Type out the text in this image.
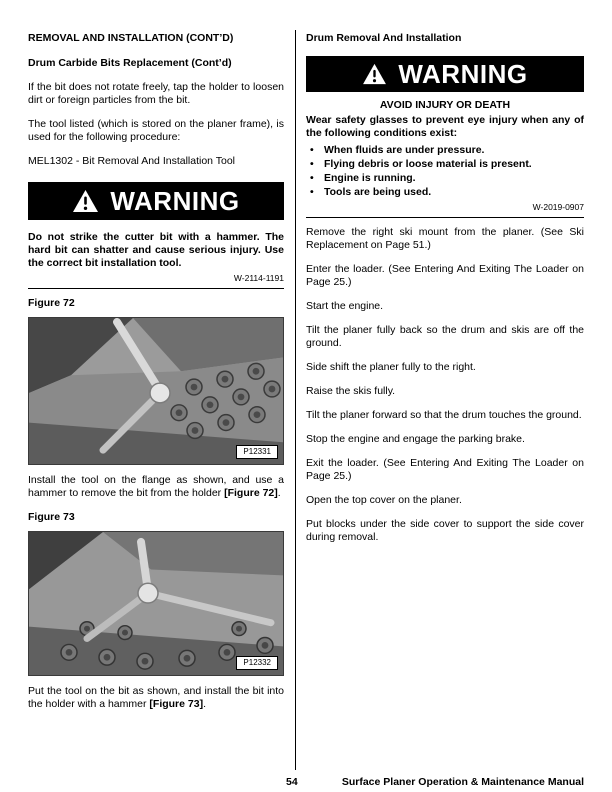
REMOVAL AND INSTALLATION (CONT’D)
Drum Carbide Bits Replacement (Cont’d)

If the bit does not rotate freely, tap the holder to loosen dirt or foreign particles from the bit.

The tool listed (which is stored on the planer frame), is used for the following procedure:

MEL1302 - Bit Removal And Installation Tool

WARNING

Do not strike the cutter bit with a hammer. The hard bit can shatter and cause serious injury. Use the correct bit installation tool.

W-2114-1191
Figure 72
P12331

Install the tool on the flange as shown, and use a hammer to remove the bit from the holder [Figure 72].

Figure 73
P12332

Put the tool on the bit as shown, and install the bit into the holder with a hammer [Figure 73].

Drum Removal And Installation
WARNING
AVOID INJURY OR DEATH

Wear safety glasses to prevent eye injury when any of the following conditions exist:

• When fluids are under pressure.
• Flying debris or loose material is present.
• Engine is running.
• Tools are being used.
W-2019-0907

Remove the right ski mount from the planer. (See Ski Replacement on Page 51.)

Enter the loader. (See Entering And Exiting The Loader on Page 25.)

Start the engine.

Tilt the planer fully back so the drum and skis are off the ground.

Side shift the planer fully to the right.

Raise the skis fully.

Tilt the planer forward so that the drum touches the ground.

Stop the engine and engage the parking brake.

Exit the loader. (See Entering And Exiting The Loader on Page 25.)

Open the top cover on the planer.

Put blocks under the side cover to support the side cover during removal.

54	Surface Planer Operation & Maintenance Manual
